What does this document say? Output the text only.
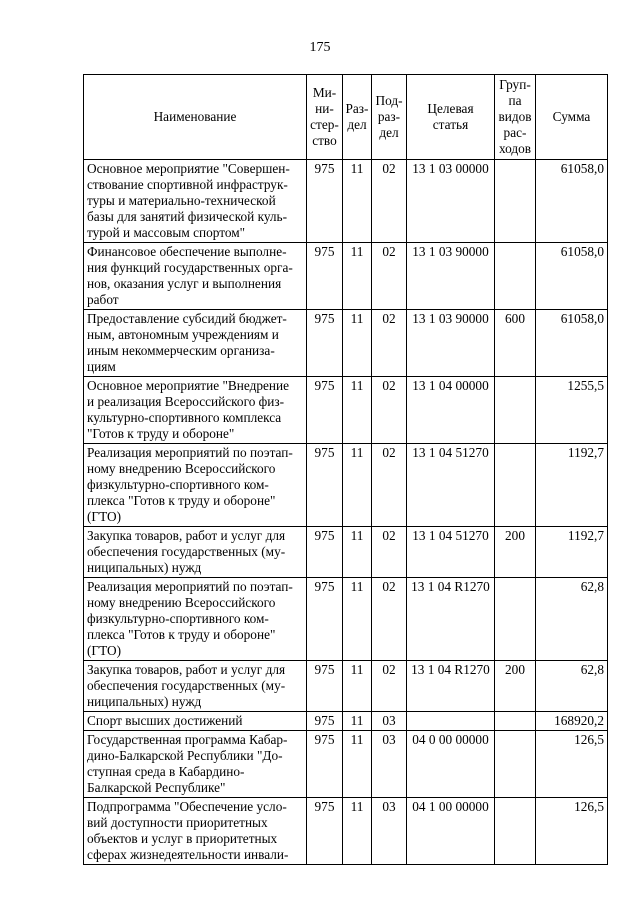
175
Наименование	Ми-
ни-
стер-
ство	Раз-
дел	Под-
раз-
дел	Целевая
статья	Груп-
па
видов
рас-
ходов	Сумма
Основное мероприятие "Совершен-
ствование спортивной инфраструк-
туры и материально-технической
базы для занятий физической куль-
турой и массовым спортом"	975	11	02	13 1 03 00000		61058,0
Финансовое обеспечение выполне-
ния функций государственных орга-
нов, оказания услуг и выполнения
работ	975	11	02	13 1 03 90000		61058,0
Предоставление субсидий бюджет-
ным, автономным учреждениям и
иным некоммерческим организа-
циям	975	11	02	13 1 03 90000	600	61058,0
Основное мероприятие "Внедрение
и реализация Всероссийского физ-
культурно-спортивного комплекса
"Готов к труду и обороне"	975	11	02	13 1 04 00000		1255,5
Реализация мероприятий по поэтап-
ному внедрению Всероссийского
физкультурно-спортивного ком-
плекса "Готов к труду и обороне"
(ГТО)	975	11	02	13 1 04 51270		1192,7
Закупка товаров, работ и услуг для
обеспечения государственных (му-
ниципальных) нужд	975	11	02	13 1 04 51270	200	1192,7
Реализация мероприятий по поэтап-
ному внедрению Всероссийского
физкультурно-спортивного ком-
плекса "Готов к труду и обороне"
(ГТО)	975	11	02	13 1 04 R1270		62,8
Закупка товаров, работ и услуг для
обеспечения государственных (му-
ниципальных) нужд	975	11	02	13 1 04 R1270	200	62,8
Спорт высших достижений	975	11	03			168920,2
Государственная программа Кабар-
дино-Балкарской Республики "До-
ступная среда в Кабардино-
Балкарской Республике"	975	11	03	04 0 00 00000		126,5
Подпрограмма "Обеспечение усло-
вий доступности приоритетных
объектов и услуг в приоритетных
сферах жизнедеятельности инвали-	975	11	03	04 1 00 00000		126,5
